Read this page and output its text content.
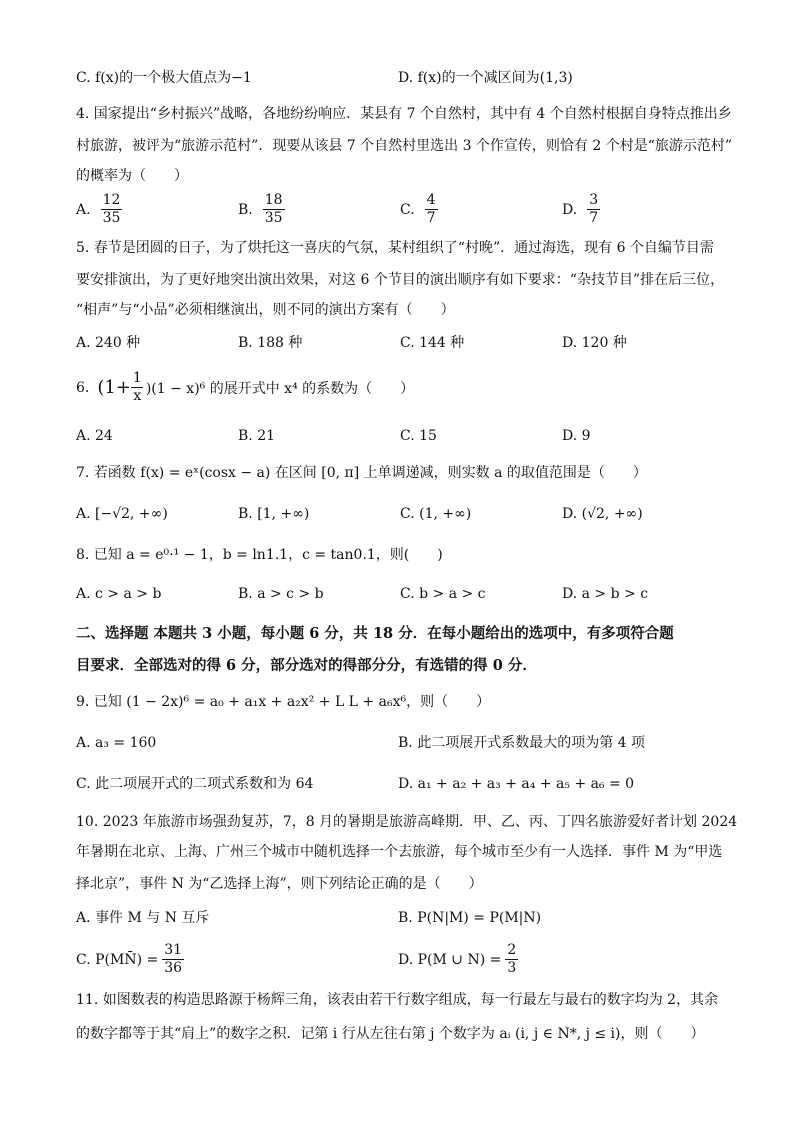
C. f(x)的一个极大值点为−1	D. f(x)的一个减区间为(1,3)
4. 国家提出“乡村振兴”战略，各地纷纷响应．某县有 7 个自然村，其中有 4 个自然村根据自身特点推出乡
村旅游，被评为“旅游示范村”．现要从该县 7 个自然村里选出 3 个作宣传，则恰有 2 个村是“旅游示范村”
的概率为（　　）
A. $\frac{12}{35}$	B. $\frac{18}{35}$	C. $\frac{4}{7}$	D. $\frac{3}{7}$
5. 春节是团圆的日子，为了烘托这一喜庆的气氛，某村组织了“村晚”．通过海选，现有 6 个自编节目需
要安排演出，为了更好地突出演出效果，对这 6 个节目的演出顺序有如下要求：“杂技节目”排在后三位，
“相声”与“小品”必须相继演出，则不同的演出方案有（　　）
A. 240 种	B. 188 种	C. 144 种	D. 120 种
6. $(1+ \frac{1}{x} )(1 - x)^6$ 的展开式中 x⁴ 的系数为（　　）
A. 24	B. 21	C. 15	D. 9
7. 若函数 f(x) = eˣ(cosx − a) 在区间 [0, π] 上单调递减，则实数 a 的取值范围是（　　）
A. [−√2, +∞)	B. [1, +∞)	C. (1, +∞)	D. (√2, +∞)
8. 已知 a = e⁰·¹ − 1，b = ln1.1，c = tan0.1，则(　　)
A. c > a > b	B. a > c > b	C. b > a > c	D. a > b > c
二、选择题 本题共 3 小题，每小题 6 分，共 18 分．在每小题给出的选项中，有多项符合题
目要求．全部选对的得 6 分，部分选对的得部分分，有选错的得 0 分．
9. 已知 (1 − 2x)⁶ = a₀ + a₁x + a₂x² + L L + a₆x⁶，则（　　）
A. a₃ = 160	B. 此二项展开式系数最大的项为第 4 项
C. 此二项展开式的二项式系数和为 64	D. a₁ + a₂ + a₃ + a₄ + a₅ + a₆ = 0
10. 2023 年旅游市场强劲复苏，7，8 月的暑期是旅游高峰期．甲、乙、丙、丁四名旅游爱好者计划 2024
年暑期在北京、上海、广州三个城市中随机选择一个去旅游，每个城市至少有一人选择．事件 M 为“甲选
择北京”，事件 N 为“乙选择上海”，则下列结论正确的是（　　）
A. 事件 M 与 N 互斥	B. P(N|M) = P(M|N)
C. P(MN̄) = $\frac{31}{36}$	D. P(M ∪ $N) = \frac{2}{3}$
11. 如图数表的构造思路源于杨辉三角，该表由若干行数字组成，每一行最左与最右的数字均为 2，其余
的数字都等于其“肩上”的数字之积．记第 i 行从左往右第 j 个数字为 aᵢ (i, j ∈ N*, j ≤ i)，则（　　）
